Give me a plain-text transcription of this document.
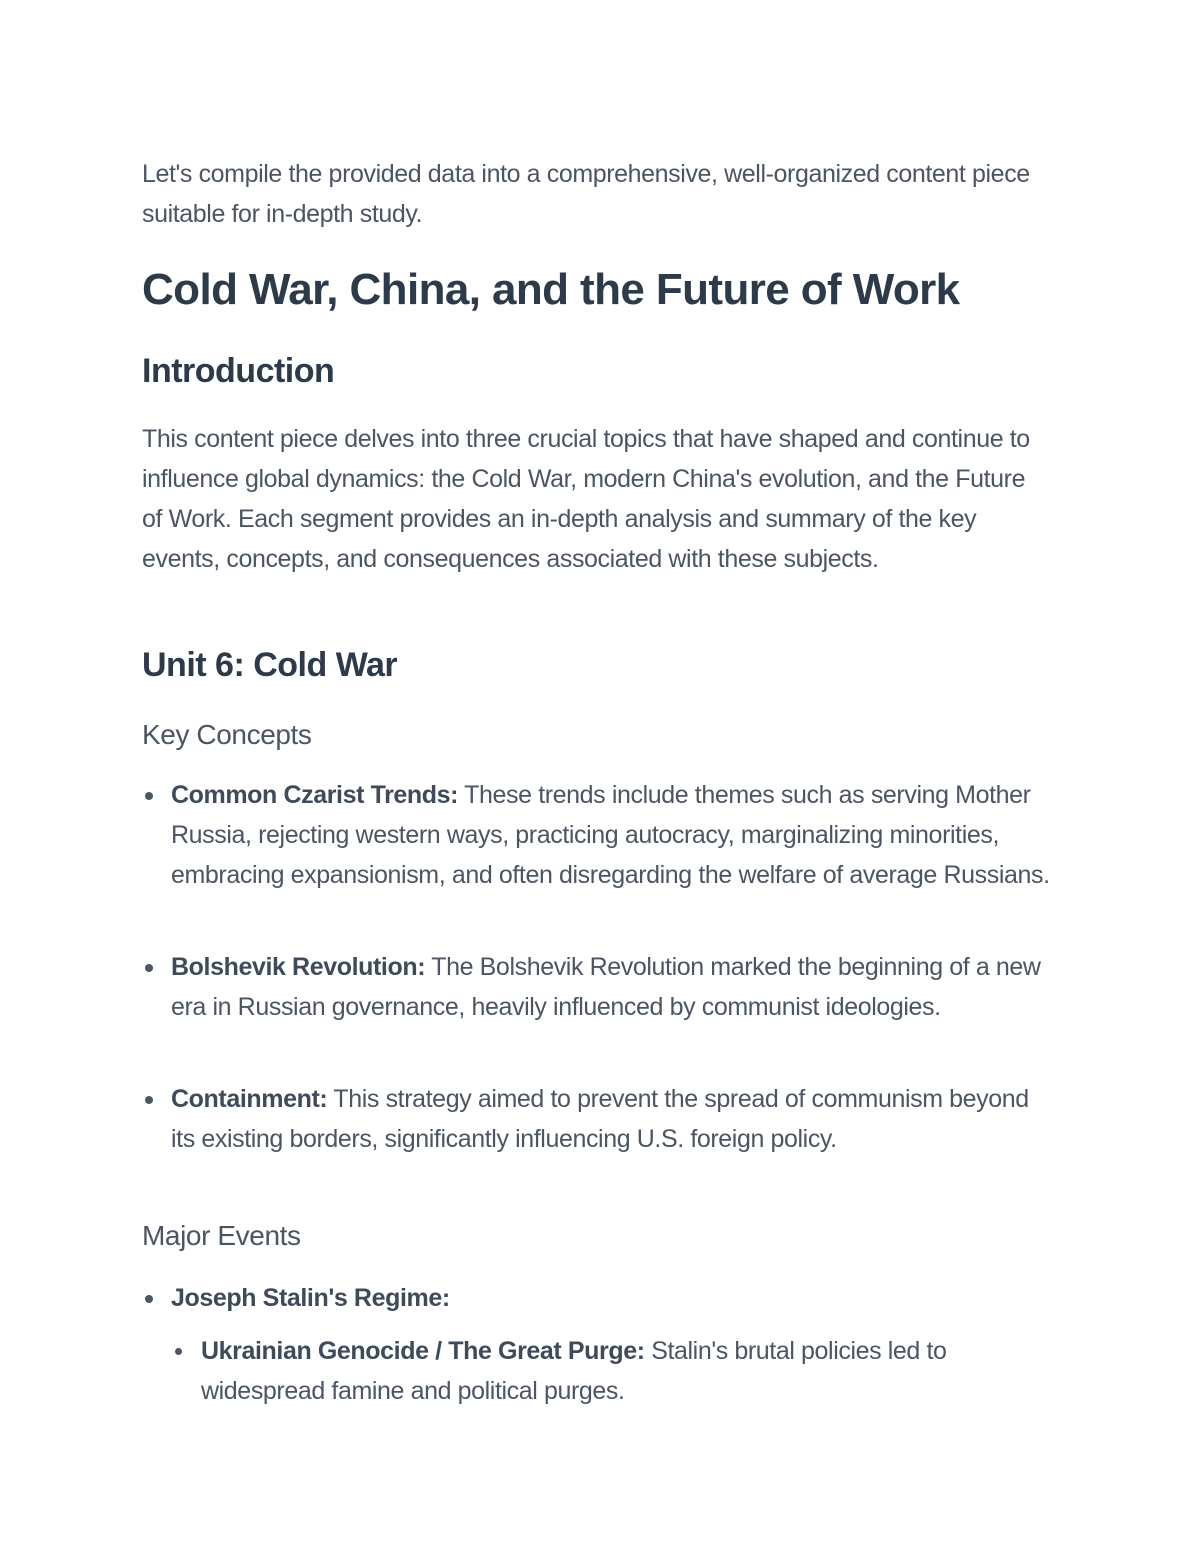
Let's compile the provided data into a comprehensive, well-organized content piece suitable for in-depth study.

Cold War, China, and the Future of Work
Introduction

This content piece delves into three crucial topics that have shaped and continue to influence global dynamics: the Cold War, modern China's evolution, and the Future of Work. Each segment provides an in-depth analysis and summary of the key events, concepts, and consequences associated with these subjects.

Unit 6: Cold War
Key Concepts
Common Czarist Trends: These trends include themes such as serving Mother Russia, rejecting western ways, practicing autocracy, marginalizing minorities, embracing expansionism, and often disregarding the welfare of average Russians.
Bolshevik Revolution: The Bolshevik Revolution marked the beginning of a new era in Russian governance, heavily influenced by communist ideologies.
Containment: This strategy aimed to prevent the spread of communism beyond its existing borders, significantly influencing U.S. foreign policy.
Major Events
Joseph Stalin's Regime:
Ukrainian Genocide / The Great Purge: Stalin's brutal policies led to widespread famine and political purges.
